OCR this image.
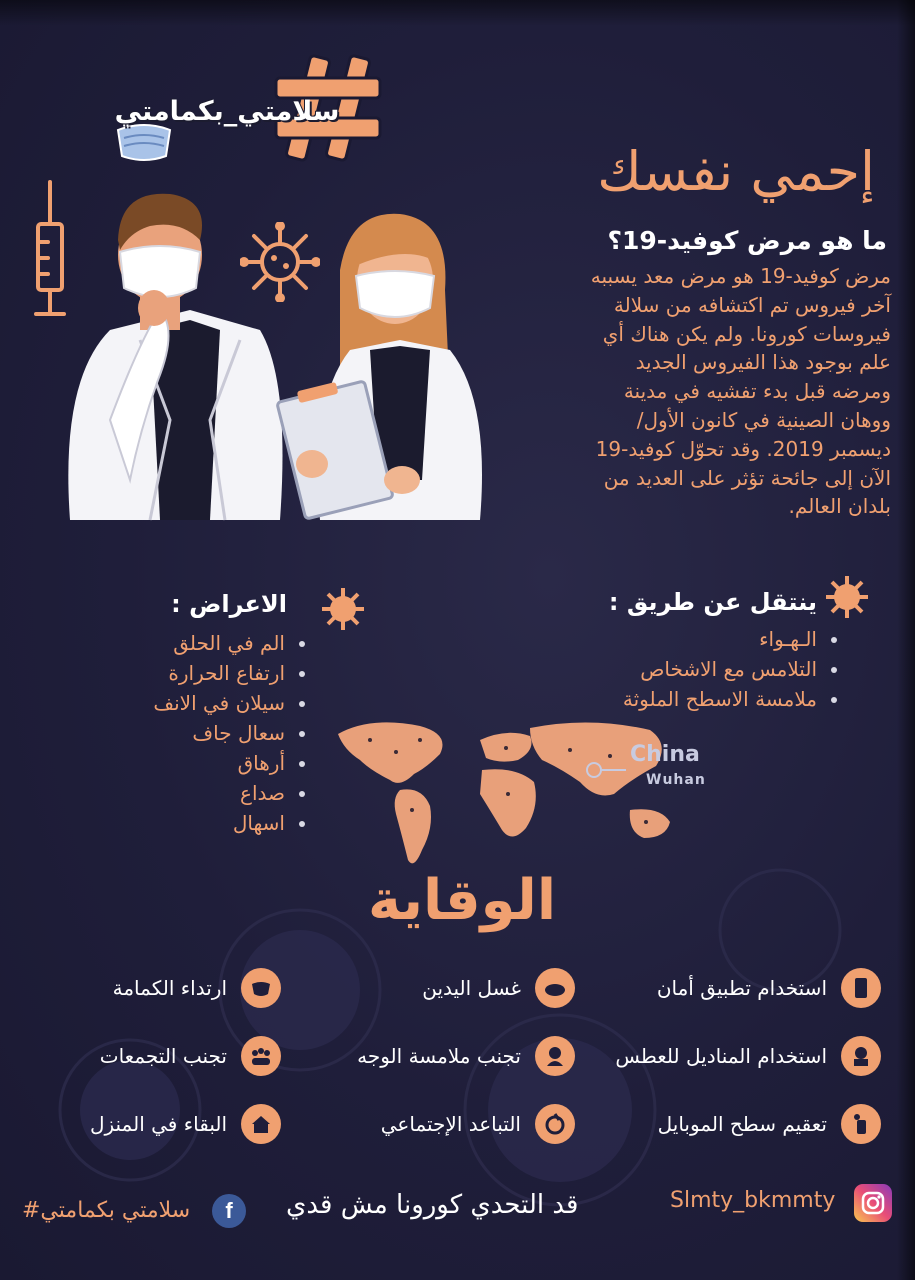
سلامتي_بكمامتي
إحمي نفسك
ما هو مرض كوفيد-19؟
مرض كوفيد-19 هو مرض معد يسببه
آخر فيروس تم اكتشافه من سلالة
فيروسات كورونا. ولم يكن هناك أي
علم بوجود هذا الفيروس الجديد
ومرضه قبل بدء تفشيه في مدينة
ووهان الصينية في كانون الأول/
ديسمبر 2019. وقد تحوّل كوفيد-19
الآن إلى جائحة تؤثر على العديد من
بلدان العالم.
ينتقل عن طريق :
الـهـواء
التلامس مع الاشخاص
ملامسة الاسطح الملوثة
الاعراض :
الم في الحلق
ارتفاع الحرارة
سيلان في الانف
سعال جاف
أرهاق
صداع
اسهال
China
Wuhan
الوقاية
استخدام تطبيق أمان
غسل اليدين
ارتداء الكمامة
استخدام المناديل للعطس
تجنب ملامسة الوجه
تجنب التجمعات
تعقيم سطح الموبايل
التباعد الإجتماعي
البقاء في المنزل
Slmty_bkmmty
قد التحدي كورونا مش قدي
f
سلامتي بكمامتي#
